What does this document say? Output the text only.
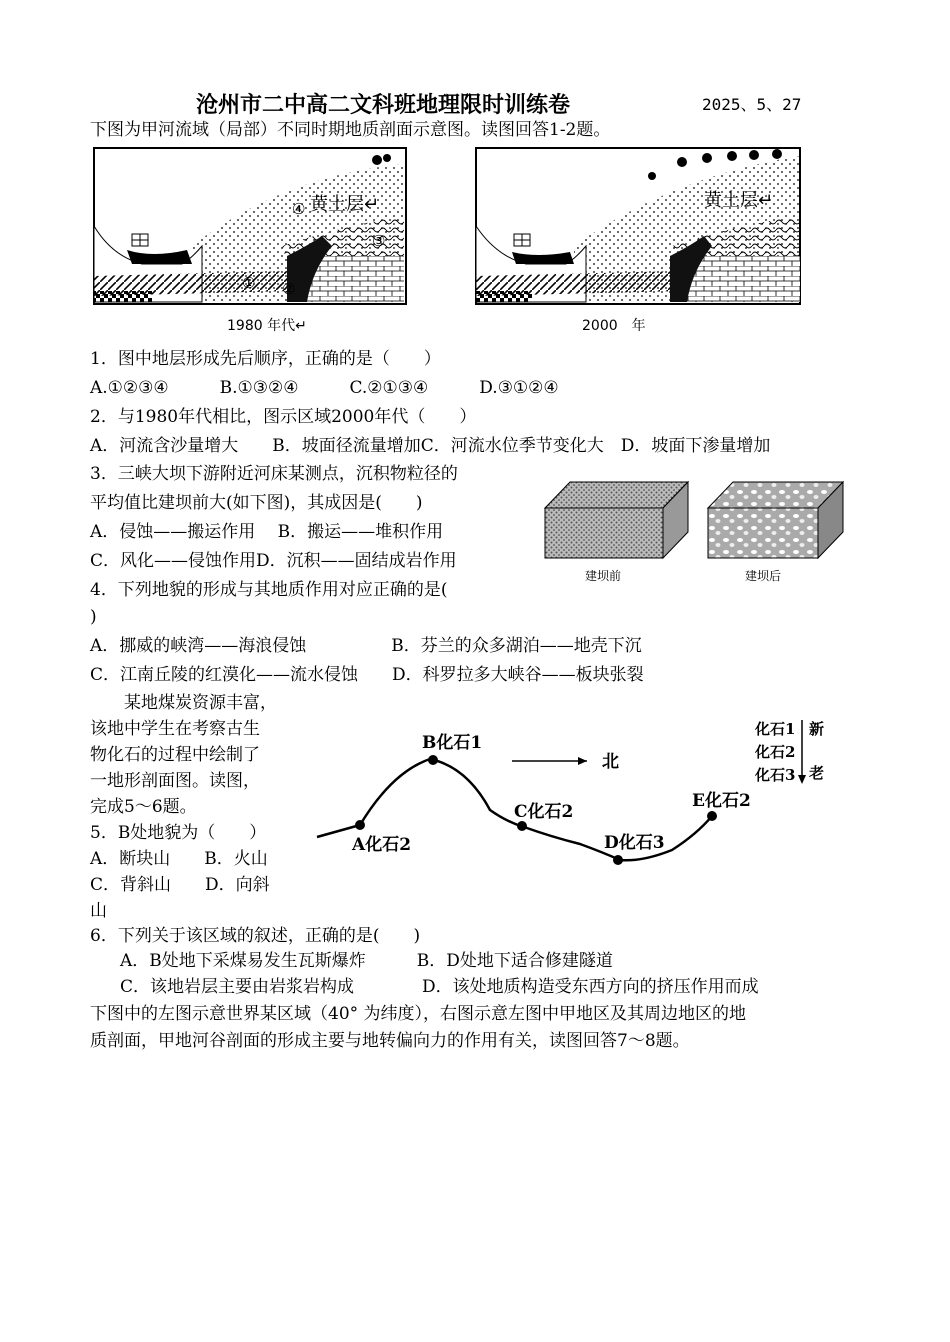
沧州市二中高二文科班地理限时训练卷	2025、5、27
下图为甲河流域（局部）不同时期地质剖面示意图。读图回答1-2题。
④
③
① ②
黄土层↵
1980 年代↵
黄土层↵
2000　年
1．图中地层形成先后顺序，正确的是（　　）
A.①②③④　　　B.①③②④　　　C.②①③④　　　D.③①②④
2．与1980年代相比，图示区域2000年代（　　）
A．河流含沙量增大　　B．坡面径流量增加C．河流水位季节变化大　D．坡面下渗量增加
3．三峡大坝下游附近河床某测点，沉积物粒径的
平均值比建坝前大(如下图)，其成因是(　　)
A．侵蚀——搬运作用　 B．搬运——堆积作用
C．风化——侵蚀作用D．沉积——固结成岩作用
建坝前	建坝后
4．下列地貌的形成与其地质作用对应正确的是(
)
A．挪威的峡湾——海浪侵蚀　　　　　B．芬兰的众多湖泊——地壳下沉
C．江南丘陵的红漠化——流水侵蚀　　D．科罗拉多大峡谷——板块张裂
　　某地煤炭资源丰富，
该地中学生在考察古生
物化石的过程中绘制了
一地形剖面图。读图，
完成5～6题。
A化石2
B化石1
C化石2
D化石3
E化石2
北
化石1
化石2
化石3
新
老
5．B处地貌为（　　）
A．断块山　　B．火山
C．背斜山　　D．向斜
山
6．下列关于该区域的叙述，正确的是(　　)
A．B处地下采煤易发生瓦斯爆炸　　　B．D处地下适合修建隧道
C．该地岩层主要由岩浆岩构成　　　　D．该处地质构造受东西方向的挤压作用而成
下图中的左图示意世界某区域（40° 为纬度），右图示意左图中甲地区及其周边地区的地
质剖面，甲地河谷剖面的形成主要与地转偏向力的作用有关，读图回答7～8题。
